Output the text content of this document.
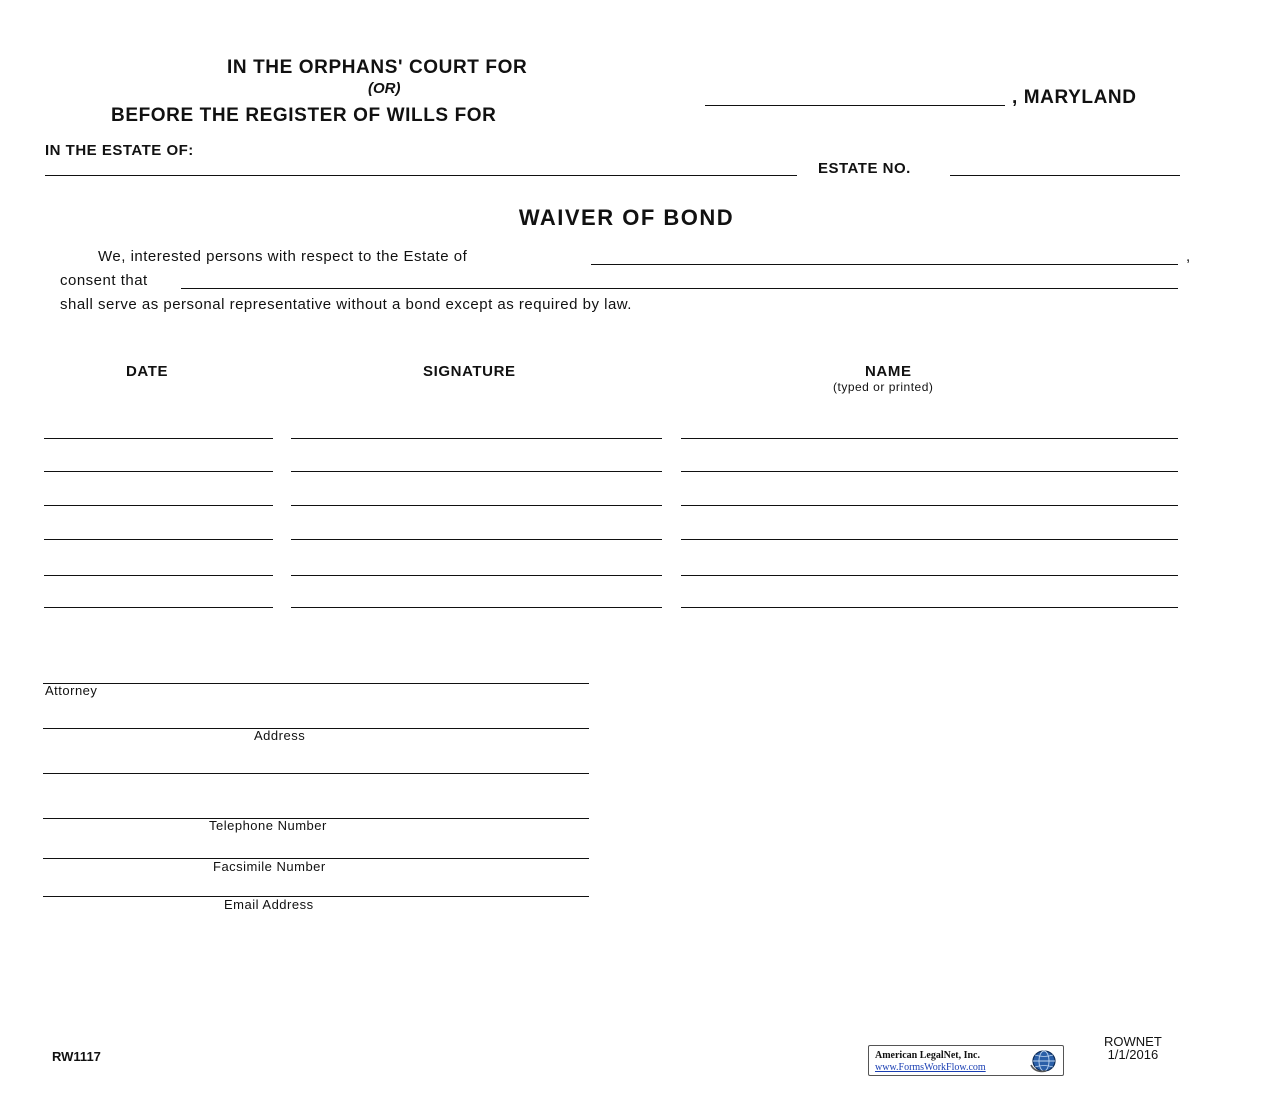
IN THE ORPHANS' COURT FOR
(OR)
BEFORE THE REGISTER OF WILLS FOR
, MARYLAND
IN THE ESTATE OF:
ESTATE NO.
WAIVER OF BOND
We, interested persons with respect to the Estate of	,
consent that
shall serve as personal representative without a bond except as required by law.
DATE	SIGNATURE	NAME
(typed or printed)
Attorney
Address
Telephone Number
Facsimile Number
Email Address
RW1117	American LegalNet, Inc.
www.FormsWorkFlow.com
ROWNET
1/1/2016
